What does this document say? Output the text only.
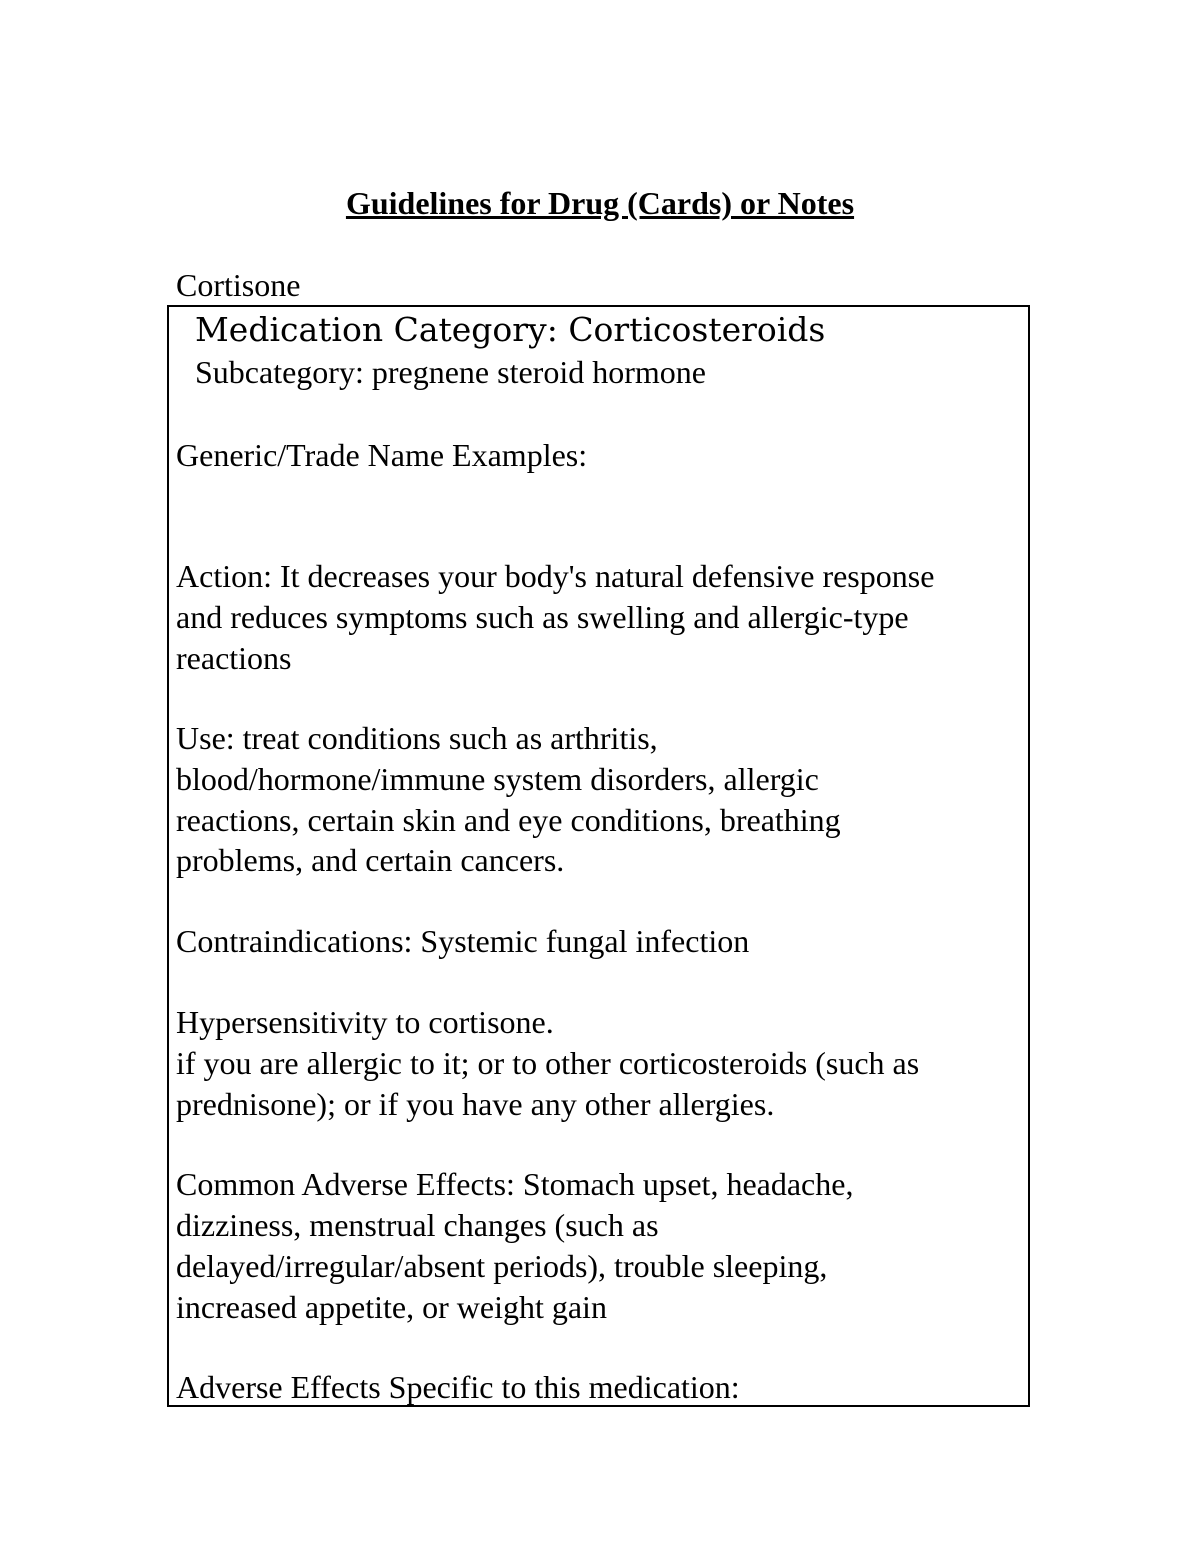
Guidelines for Drug (Cards) or Notes
Cortisone
Medication Category: Corticosteroids
Subcategory: pregnene steroid hormone
Generic/Trade Name Examples:
Action: It decreases your body's natural defensive response
and reduces symptoms such as swelling and allergic-type
reactions
Use: treat conditions such as arthritis,
blood/hormone/immune system disorders, allergic
reactions, certain skin and eye conditions, breathing
problems, and certain cancers.
Contraindications: Systemic fungal infection
Hypersensitivity to cortisone.
if you are allergic to it; or to other corticosteroids (such as
prednisone); or if you have any other allergies.
Common Adverse Effects: Stomach upset, headache,
dizziness, menstrual changes (such as
delayed/irregular/absent periods), trouble sleeping,
increased appetite, or weight gain
Adverse Effects Specific to this medication:
